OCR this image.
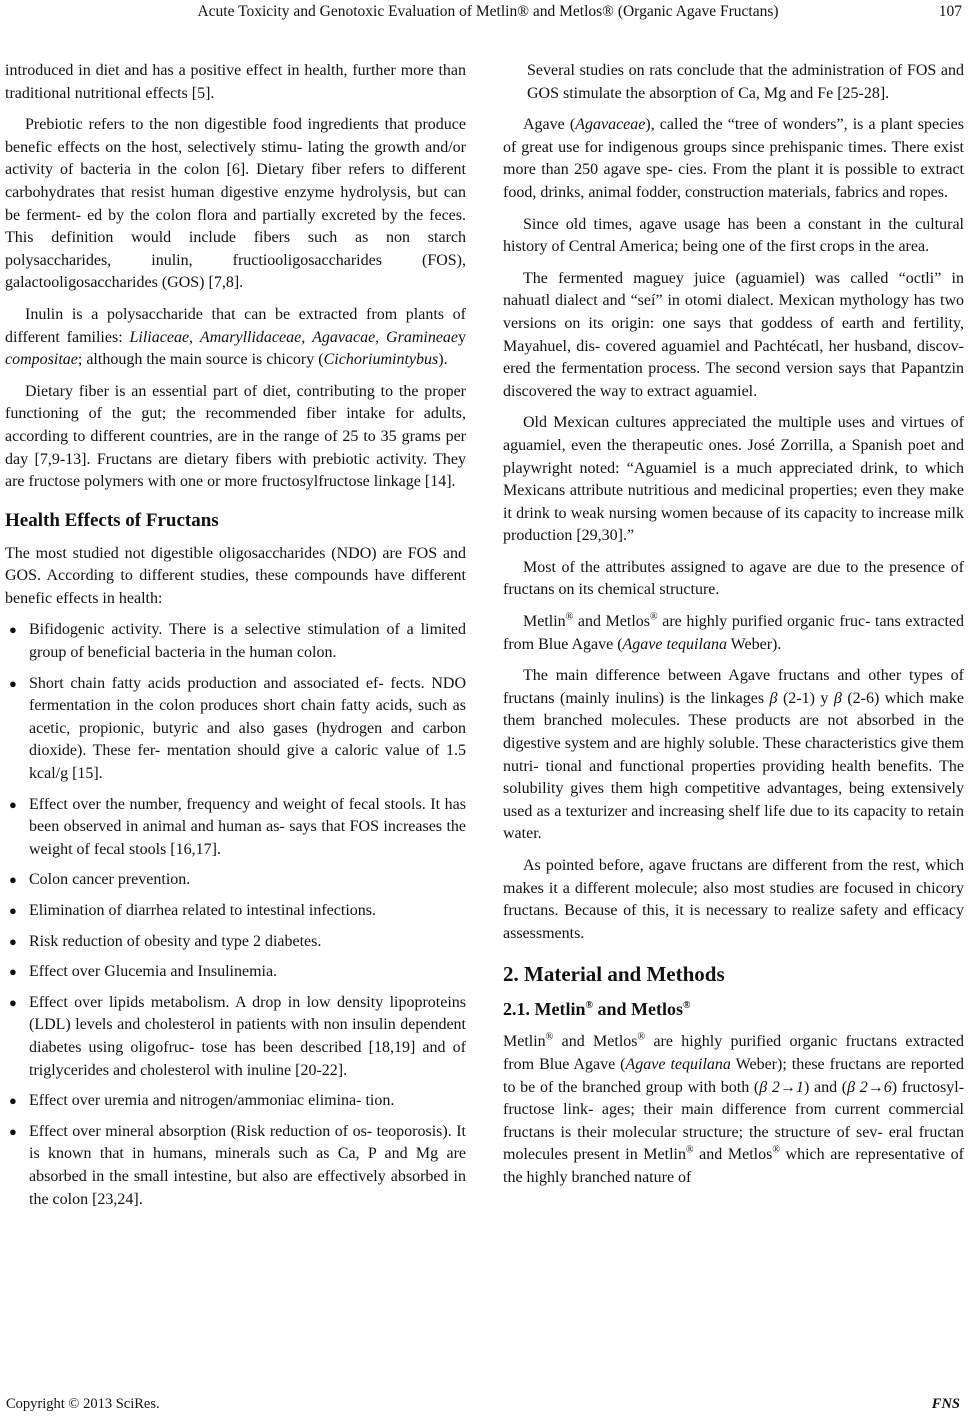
Acute Toxicity and Genotoxic Evaluation of Metlin® and Metlos® (Organic Agave Fructans)	107

introduced in diet and has a positive effect in health, further more than traditional nutritional effects [5].

Prebiotic refers to the non digestible food ingredients that produce benefic effects on the host, selectively stimu- lating the growth and/or activity of bacteria in the colon [6]. Dietary fiber refers to different carbohydrates that resist human digestive enzyme hydrolysis, but can be ferment- ed by the colon flora and partially excreted by the feces. This definition would include fibers such as non starch polysaccharides, inulin, fructiooligosaccharides (FOS), galactooligosaccharides (GOS) [7,8].

Inulin is a polysaccharide that can be extracted from plants of different families: Liliaceae, Amaryllidaceae, Agavacae, Gramineaey compositae; although the main source is chicory (Cichoriumintybus).

Dietary fiber is an essential part of diet, contributing to the proper functioning of the gut; the recommended fiber intake for adults, according to different countries, are in the range of 25 to 35 grams per day [7,9-13]. Fructans are dietary fibers with prebiotic activity. They are fructose polymers with one or more fructosylfructose linkage [14].

Health Effects of Fructans

The most studied not digestible oligosaccharides (NDO) are FOS and GOS. According to different studies, these compounds have different benefic effects in health:

● Bifidogenic activity. There is a selective stimulation of a limited group of beneficial bacteria in the human colon.
● Short chain fatty acids production and associated ef- fects. NDO fermentation in the colon produces short chain fatty acids, such as acetic, propionic, butyric and also gases (hydrogen and carbon dioxide). These fer- mentation should give a caloric value of 1.5 kcal/g [15].
● Effect over the number, frequency and weight of fecal stools. It has been observed in animal and human as- says that FOS increases the weight of fecal stools [16,17].
● Colon cancer prevention.
● Elimination of diarrhea related to intestinal infections.
● Risk reduction of obesity and type 2 diabetes.
● Effect over Glucemia and Insulinemia.
● Effect over lipids metabolism. A drop in low density lipoproteins (LDL) levels and cholesterol in patients with non insulin dependent diabetes using oligofruc- tose has been described [18,19] and of triglycerides and cholesterol with inuline [20-22].
● Effect over uremia and nitrogen/ammoniac elimina- tion.
● Effect over mineral absorption (Risk reduction of os- teoporosis). It is known that in humans, minerals such as Ca, P and Mg are absorbed in the small intestine, but also are effectively absorbed in the colon [23,24].

Several studies on rats conclude that the administration of FOS and GOS stimulate the absorption of Ca, Mg and Fe [25-28].

Agave (Agavaceae), called the “tree of wonders”, is a plant species of great use for indigenous groups since prehispanic times. There exist more than 250 agave spe- cies. From the plant it is possible to extract food, drinks, animal fodder, construction materials, fabrics and ropes.

Since old times, agave usage has been a constant in the cultural history of Central America; being one of the first crops in the area.

The fermented maguey juice (aguamiel) was called “octli” in nahuatl dialect and “seí” in otomi dialect. Mexican mythology has two versions on its origin: one says that goddess of earth and fertility, Mayahuel, dis- covered aguamiel and Pachtécatl, her husband, discov- ered the fermentation process. The second version says that Papantzin discovered the way to extract aguamiel.

Old Mexican cultures appreciated the multiple uses and virtues of aguamiel, even the therapeutic ones. José Zorrilla, a Spanish poet and playwright noted: “Aguamiel is a much appreciated drink, to which Mexicans attribute nutritious and medicinal properties; even they make it drink to weak nursing women because of its capacity to increase milk production [29,30].”

Most of the attributes assigned to agave are due to the presence of fructans on its chemical structure.

Metlin® and Metlos® are highly purified organic fruc- tans extracted from Blue Agave (Agave tequilana Weber).

The main difference between Agave fructans and other types of fructans (mainly inulins) is the linkages β (2-1) y β (2-6) which make them branched molecules. These products are not absorbed in the digestive system and are highly soluble. These characteristics give them nutri- tional and functional properties providing health benefits. The solubility gives them high competitive advantages, being extensively used as a texturizer and increasing shelf life due to its capacity to retain water.

As pointed before, agave fructans are different from the rest, which makes it a different molecule; also most studies are focused in chicory fructans. Because of this, it is necessary to realize safety and efficacy assessments.

2. Material and Methods
2.1. Metlin® and Metlos®

Metlin® and Metlos® are highly purified organic fructans extracted from Blue Agave (Agave tequilana Weber); these fructans are reported to be of the branched group with both (β 2→1) and (β 2→6) fructosyl-fructose link- ages; their main difference from current commercial fructans is their molecular structure; the structure of sev- eral fructan molecules present in Metlin® and Metlos® which are representative of the highly branched nature of

Copyright © 2013 SciRes.	FNS
